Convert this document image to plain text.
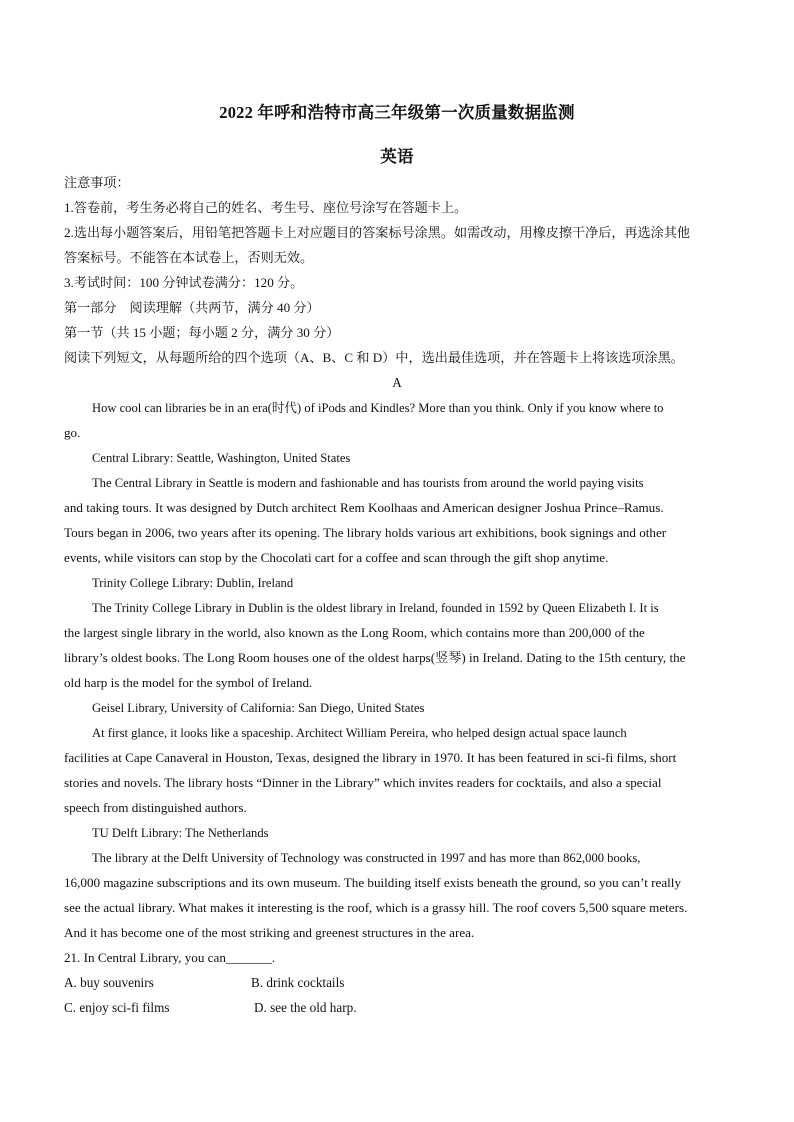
2022 年呼和浩特市高三年级第一次质量数据监测
英语
注意事项：
1.答卷前，考生务必将自己的姓名、考生号、座位号涂写在答题卡上。
2.选出每小题答案后，用铅笔把答题卡上对应题目的答案标号涂黑。如需改动，用橡皮擦干净后，再选涂其他
答案标号。不能答在本试卷上，否则无效。
3.考试时间：100 分钟试卷满分：120 分。
第一部分　阅读理解（共两节，满分 40 分）
第一节（共 15 小题；每小题 2 分，满分 30 分）
阅读下列短文，从每题所给的四个选项（A、B、C 和 D）中，选出最佳选项，并在答题卡上将该选项涂黑。
A
How cool can libraries be in an era(时代) of iPods and Kindles? More than you think. Only if you know where to
go.
Central Library: Seattle, Washington, United States
The Central Library in Seattle is modern and fashionable and has tourists from around the world paying visits
and taking tours. It was designed by Dutch architect Rem Koolhaas and American designer Joshua Prince–Ramus.
Tours began in 2006, two years after its opening. The library holds various art exhibitions, book signings and other
events, while visitors can stop by the Chocolati cart for a coffee and scan through the gift shop anytime.
Trinity College Library: Dublin, Ireland
The Trinity College Library in Dublin is the oldest library in Ireland, founded in 1592 by Queen Elizabeth I. It is
the largest single library in the world, also known as the Long Room, which contains more than 200,000 of the
library’s oldest books. The Long Room houses one of the oldest harps(竖琴) in Ireland. Dating to the 15th century, the
old harp is the model for the symbol of Ireland.
Geisel Library, University of California: San Diego, United States
At first glance, it looks like a spaceship. Architect William Pereira, who helped design actual space launch
facilities at Cape Canaveral in Houston, Texas, designed the library in 1970. It has been featured in sci-fi films, short
stories and novels. The library hosts “Dinner in the Library” which invites readers for cocktails, and also a special
speech from distinguished authors.
TU Delft Library: The Netherlands
The library at the Delft University of Technology was constructed in 1997 and has more than 862,000 books,
16,000 magazine subscriptions and its own museum. The building itself exists beneath the ground, so you can’t really
see the actual library. What makes it interesting is the roof, which is a grassy hill. The roof covers 5,500 square meters.
And it has become one of the most striking and greenest structures in the area.
21. In Central Library, you can_______.
A. buy souvenirs	B. drink cocktails
C. enjoy sci-fi films	D. see the old harp.
